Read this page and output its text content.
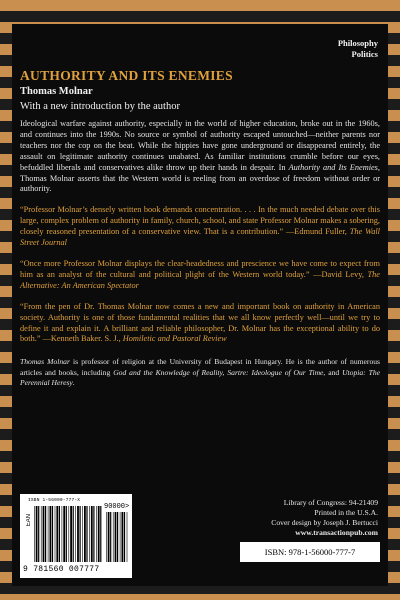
Philosophy
Politics
AUTHORITY AND ITS ENEMIES
Thomas Molnar
With a new introduction by the author

Ideological warfare against authority, especially in the world of higher education, broke out in the 1960s, and continues into the 1990s. No source or symbol of authority escaped untouched—neither parents nor teachers nor the cop on the beat. While the hippies have gone underground or disappeared entirely, the assault on legitimate authority continues unabated. As familiar institutions crumble before our eyes, befuddled liberals and conservatives alike throw up their hands in despair. In Authority and Its Enemies, Thomas Molnar asserts that the Western world is reeling from an overdose of freedom without order or authority.

“Professor Molnar’s densely written book demands concentration. . . . In the much needed debate over this large, complex problem of authority in family, church, school, and state Professor Molnar makes a sobering, closely reasoned presentation of a conservative view. That is a contribution.” —Edmund Fuller, The Wall Street Journal

“Once more Professor Molnar displays the clear-headedness and prescience we have come to expect from him as an analyst of the cultural and political plight of the Western world today.” —David Levy, The Alternative: An American Spectator

“From the pen of Dr. Thomas Molnar now comes a new and important book on authority in American society. Authority is one of those fundamental realities that we all know perfectly well—until we try to define it and explain it. A brilliant and reliable philosopher, Dr. Molnar has the exceptional ability to do both.” —Kenneth Baker. S. J., Homiletic and Pastoral Review

Thomas Molnar is professor of religion at the University of Budapest in Hungary. He is the author of numerous articles and books, including God and the Knowledge of Reality, Sartre: Ideologue of Our Time, and Utopia: The Perennial Heresy.

ISBN 1-56000-777-X
EAN
90000>
9 781560 007777
Library of Congress: 94-21409
Printed in the U.S.A.
Cover design by Joseph J. Bertucci
www.transactionpub.com
ISBN: 978-1-56000-777-7
